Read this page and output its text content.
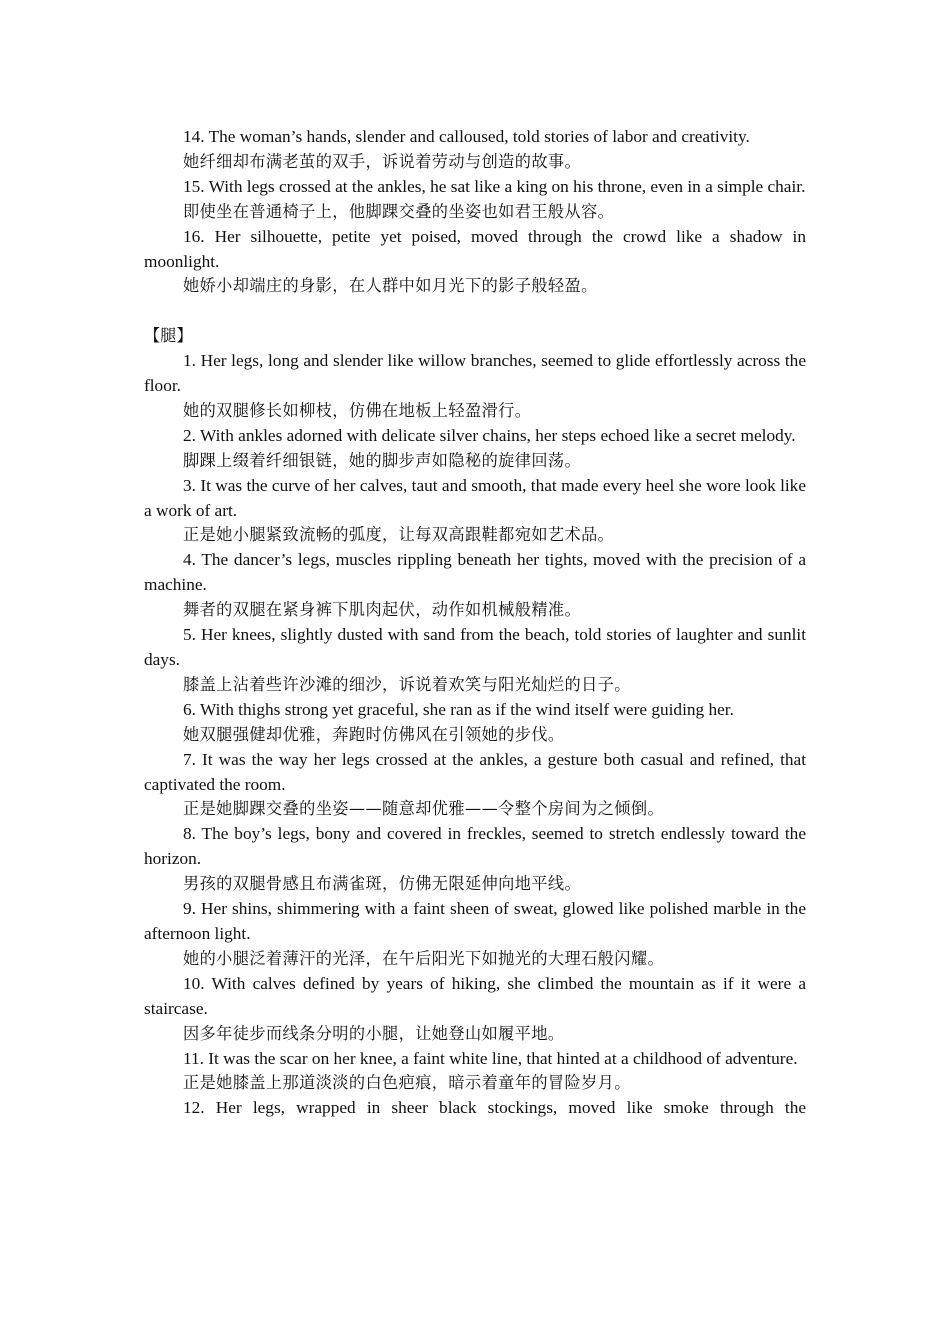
14. The woman’s hands, slender and calloused, told stories of labor and creativity.

她纤细却布满老茧的双手，诉说着劳动与创造的故事。

15. With legs crossed at the ankles, he sat like a king on his throne, even in a simple chair.

即使坐在普通椅子上，他脚踝交叠的坐姿也如君王般从容。

16. Her silhouette, petite yet poised, moved through the crowd like a shadow in moonlight.

她娇小却端庄的身影，在人群中如月光下的影子般轻盈。

【腿】

1. Her legs, long and slender like willow branches, seemed to glide effortlessly across the floor.

她的双腿修长如柳枝，仿佛在地板上轻盈滑行。

2. With ankles adorned with delicate silver chains, her steps echoed like a secret melody.

脚踝上缀着纤细银链，她的脚步声如隐秘的旋律回荡。

3. It was the curve of her calves, taut and smooth, that made every heel she wore look like a work of art.

正是她小腿紧致流畅的弧度，让每双高跟鞋都宛如艺术品。

4. The dancer’s legs, muscles rippling beneath her tights, moved with the precision of a machine.

舞者的双腿在紧身裤下肌肉起伏，动作如机械般精准。

5. Her knees, slightly dusted with sand from the beach, told stories of laughter and sunlit days.

膝盖上沾着些许沙滩的细沙，诉说着欢笑与阳光灿烂的日子。

6. With thighs strong yet graceful, she ran as if the wind itself were guiding her.

她双腿强健却优雅，奔跑时仿佛风在引领她的步伐。

7. It was the way her legs crossed at the ankles, a gesture both casual and refined, that captivated the room.

正是她脚踝交叠的坐姿——随意却优雅——令整个房间为之倾倒。

8. The boy’s legs, bony and covered in freckles, seemed to stretch endlessly toward the horizon.

男孩的双腿骨感且布满雀斑，仿佛无限延伸向地平线。

9. Her shins, shimmering with a faint sheen of sweat, glowed like polished marble in the afternoon light.

她的小腿泛着薄汗的光泽，在午后阳光下如抛光的大理石般闪耀。

10. With calves defined by years of hiking, she climbed the mountain as if it were a staircase.

因多年徒步而线条分明的小腿，让她登山如履平地。

11. It was the scar on her knee, a faint white line, that hinted at a childhood of adventure.

正是她膝盖上那道淡淡的白色疤痕，暗示着童年的冒险岁月。

12. Her legs, wrapped in sheer black stockings, moved like smoke through the
